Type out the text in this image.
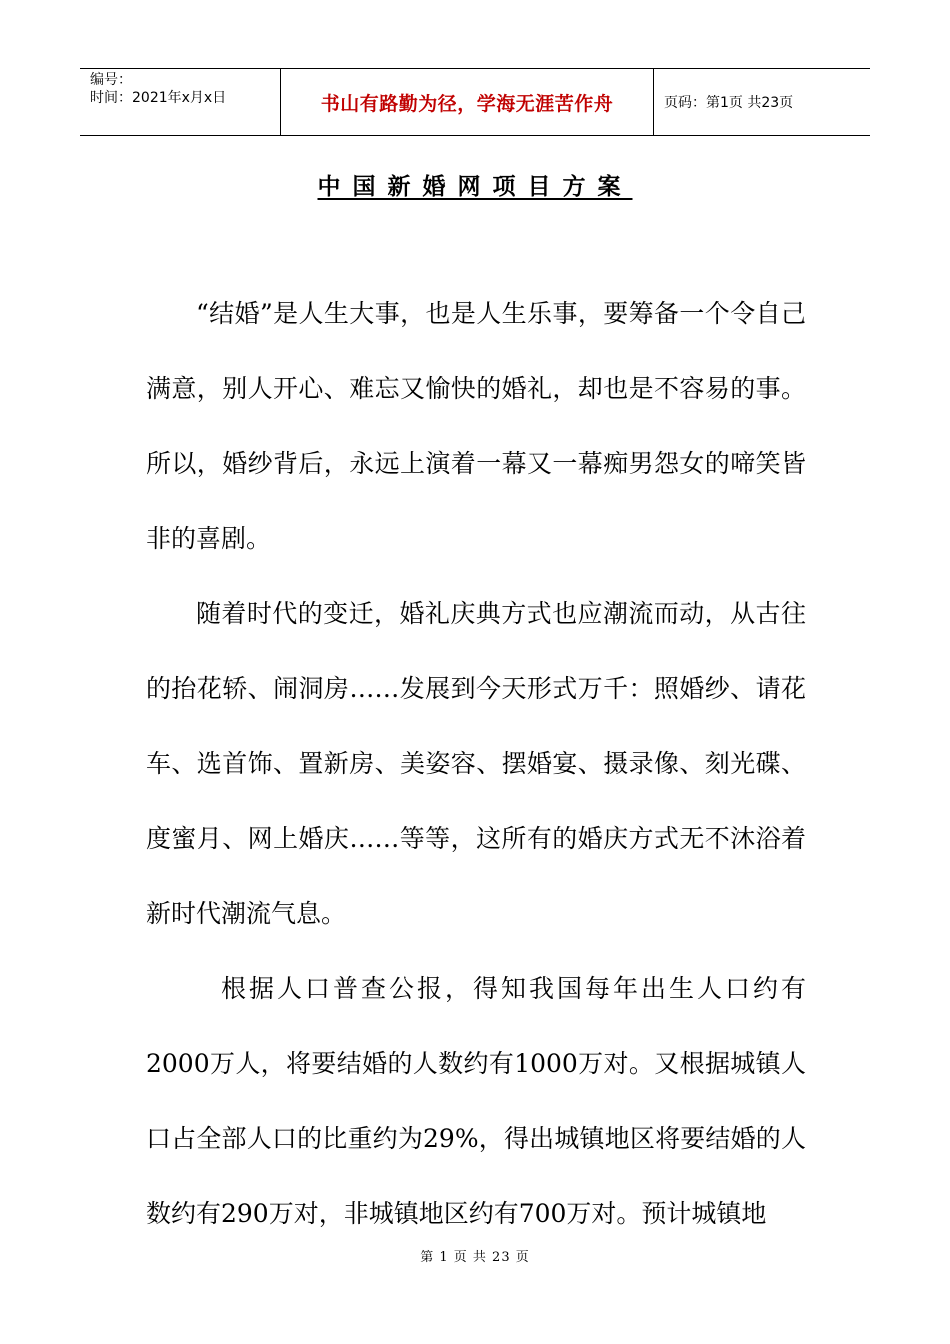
编号：
时间：2021年x月x日	书山有路勤为径，学海无涯苦作舟	页码：第1页 共23页
中国新婚网项目方案

“结婚”是人生大事，也是人生乐事，要筹备一个令自己满意，别人开心、难忘又愉快的婚礼，却也是不容易的事。所以，婚纱背后，永远上演着一幕又一幕痴男怨女的啼笑皆非的喜剧。

随着时代的变迁，婚礼庆典方式也应潮流而动，从古往的抬花轿、闹洞房……发展到今天形式万千：照婚纱、请花车、选首饰、置新房、美姿容、摆婚宴、摄录像、刻光碟、度蜜月、网上婚庆……等等，这所有的婚庆方式无不沐浴着新时代潮流气息。

根据人口普查公报，得知我国每年出生人口约有2000万人，将要结婚的人数约有1000万对。又根据城镇人口占全部人口的比重约为29%，得出城镇地区将要结婚的人数约有290万对，非城镇地区约有700万对。预计城镇地

第 1 页 共 23 页
